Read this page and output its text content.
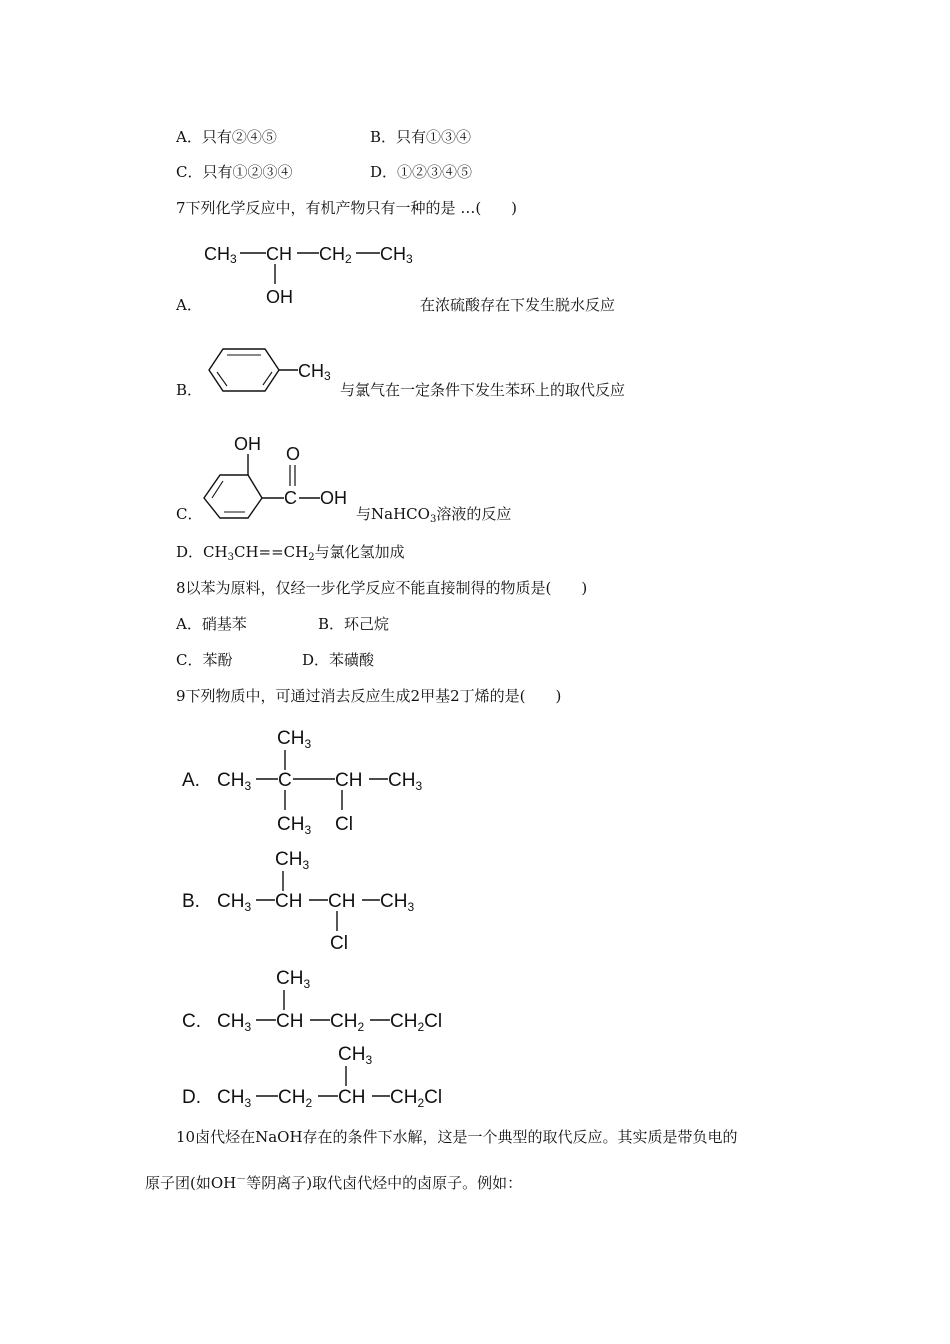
A．只有②④⑤	B．只有①③④
C．只有①②③④	D．①②③④⑤
7下列化学反应中，有机产物只有一种的是 …(　　)
CH3 CH CH2 CH3
OH
A．	在浓硫酸存在下发生脱水反应
CH3
B．	与氯气在一定条件下发生苯环上的取代反应
OH
C
O
OH
C．	与NaHCO$_3$溶液的反应
D．$CH_3CH==CH_2$与氯化氢加成
8以苯为原料，仅经一步化学反应不能直接制得的物质是(　　)
A．硝基苯	B．环己烷
C．苯酚	D．苯磺酸
9下列物质中，可通过消去反应生成2甲基2丁烯的是(　　)
A.
$CH_3$
$CH_3$ C CH $CH_3$
$CH_3$ Cl
B.
$CH_3$
$CH_3$ CH CH $CH_3$
Cl
C.
$CH_3$
$CH_3$ CH $CH_2$ $CH_2Cl$
D.
$CH_3$
$CH_3$ $CH_2$ CH $CH_2Cl$
10卤代烃在NaOH存在的条件下水解，这是一个典型的取代反应。其实质是带负电的
原子团(如OH－等阴离子)取代卤代烃中的卤原子。例如：
